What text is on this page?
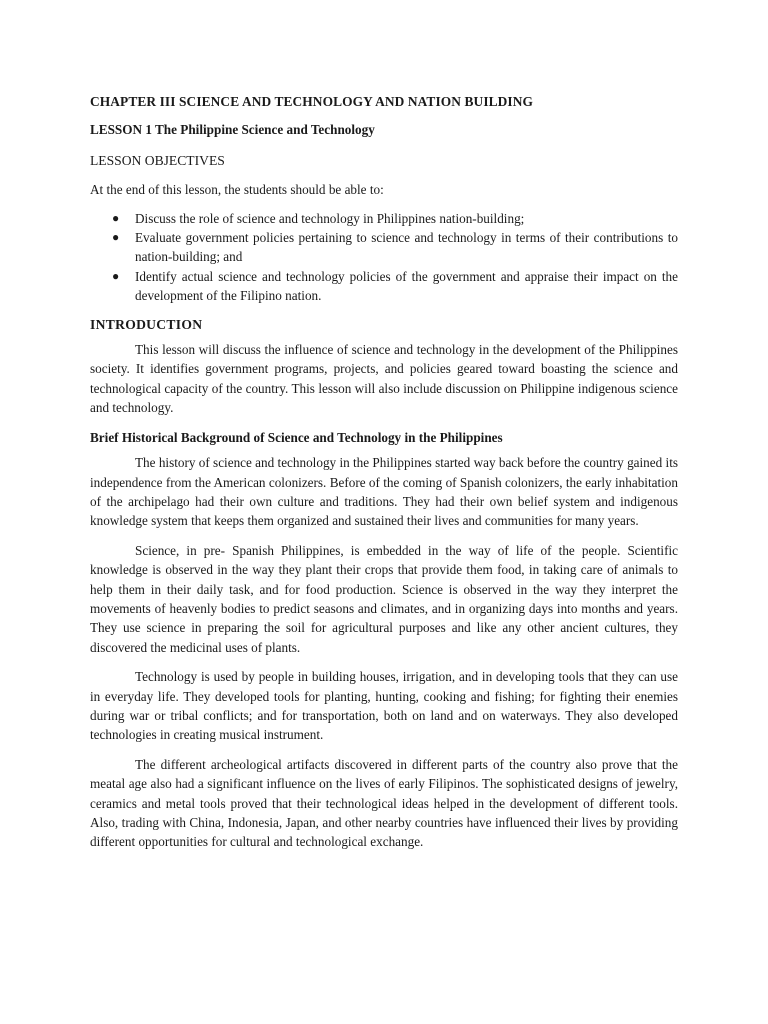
CHAPTER III SCIENCE AND TECHNOLOGY AND NATION BUILDING
LESSON 1 The Philippine Science and Technology
LESSON OBJECTIVES
At the end of this lesson, the students should be able to:
● Discuss the role of science and technology in Philippines nation-building;
● Evaluate government policies pertaining to science and technology in terms of their contributions to nation-building; and
● Identify actual science and technology policies of the government and appraise their impact on the development of the Filipino nation.
INTRODUCTION

This lesson will discuss the influence of science and technology in the development of the Philippines society. It identifies government programs, projects, and policies geared toward boasting the science and technological capacity of the country. This lesson will also include discussion on Philippine indigenous science and technology.

Brief Historical Background of Science and Technology in the Philippines

The history of science and technology in the Philippines started way back before the country gained its independence from the American colonizers. Before of the coming of Spanish colonizers, the early inhabitation of the archipelago had their own culture and traditions. They had their own belief system and indigenous knowledge system that keeps them organized and sustained their lives and communities for many years.

Science, in pre- Spanish Philippines, is embedded in the way of life of the people. Scientific knowledge is observed in the way they plant their crops that provide them food, in taking care of animals to help them in their daily task, and for food production. Science is observed in the way they interpret the movements of heavenly bodies to predict seasons and climates, and in organizing days into months and years. They use science in preparing the soil for agricultural purposes and like any other ancient cultures, they discovered the medicinal uses of plants.

Technology is used by people in building houses, irrigation, and in developing tools that they can use in everyday life. They developed tools for planting, hunting, cooking and fishing; for fighting their enemies during war or tribal conflicts; and for transportation, both on land and on waterways. They also developed technologies in creating musical instrument.

The different archeological artifacts discovered in different parts of the country also prove that the meatal age also had a significant influence on the lives of early Filipinos. The sophisticated designs of jewelry, ceramics and metal tools proved that their technological ideas helped in the development of different tools. Also, trading with China, Indonesia, Japan, and other nearby countries have influenced their lives by providing different opportunities for cultural and technological exchange.
